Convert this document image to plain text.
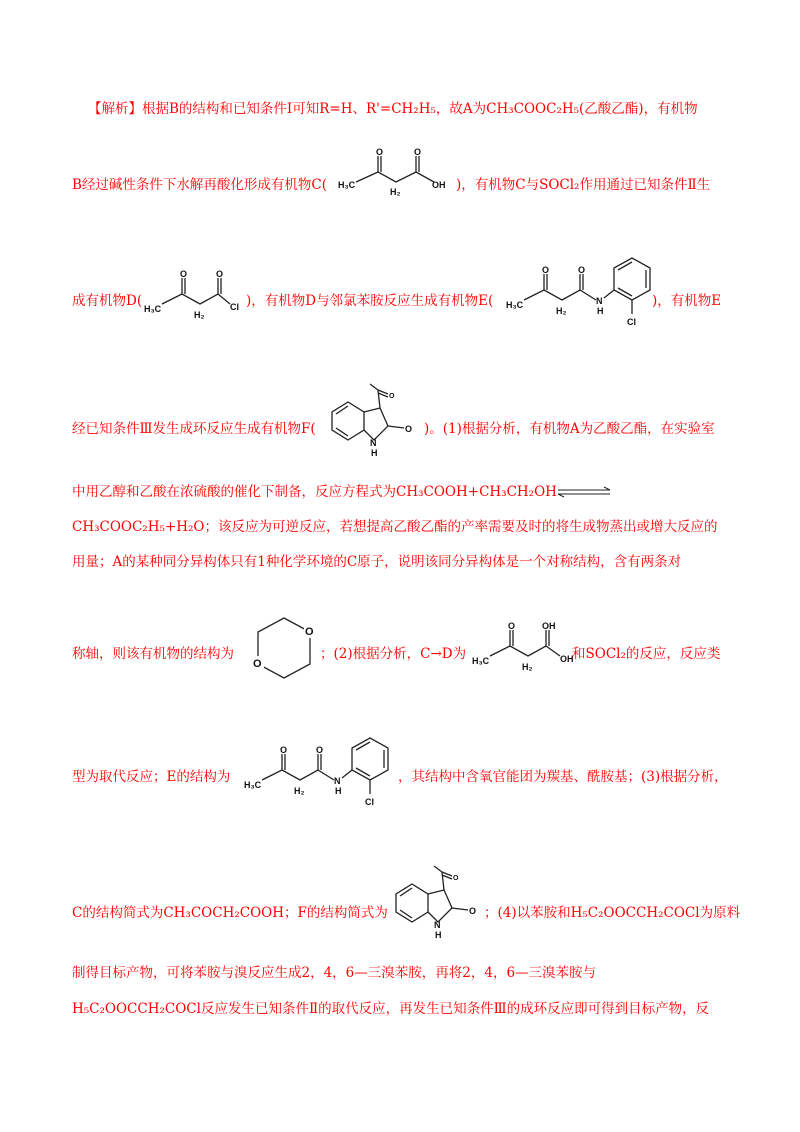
【解析】根据B的结构和已知条件Ⅰ可知R=H、R'=CH₂H₅，故A为CH₃COOC₂H₅(乙酸乙酯)，有机物
B经过碱性条件下水解再酸化形成有机物C(
O	O
H₃C
H₂
OH )，有机物C与SOCl₂作用通过已知条件Ⅱ生
成有机物D(
O	O
H₃C
H₂
Cl )，有机物D与邻氯苯胺反应生成有机物E(
O	O
H₃C
H₂
N
H
Cl
)，有机物E
经已知条件Ⅲ发生成环反应生成有机物F(
O
O
N
H
)。(1)根据分析，有机物A为乙酸乙酯，在实验室
中用乙醇和乙酸在浓硫酸的催化下制备，反应方程式为CH₃COOH+CH₃CH₂OH ⇌
CH₃COOC₂H₅+H₂O；该反应为可逆反应，若想提高乙酸乙酯的产率需要及时的将生成物蒸出或增大反应的
用量；A的某种同分异构体只有1种化学环境的C原子，说明该同分异构体是一个对称结构，含有两条对
称轴，则该有机物的结构为
O
O
；(2)根据分析，C→D为
O	OH
H₃C
H₂
OH
和SOCl₂的反应，反应类
型为取代反应；E的结构为
O	O
H₃C
H₂
N
H
Cl
，其结构中含氧官能团为羰基、酰胺基；(3)根据分析，
C的结构简式为CH₃COCH₂COOH；F的结构简式为
O
O
N
H
；(4)以苯胺和H₅C₂OOCCH₂COCl为原料
制得目标产物，可将苯胺与溴反应生成2，4，6—三溴苯胺，再将2，4，6—三溴苯胺与
H₅C₂OOCCH₂COCl反应发生已知条件Ⅱ的取代反应，再发生已知条件Ⅲ的成环反应即可得到目标产物，反
